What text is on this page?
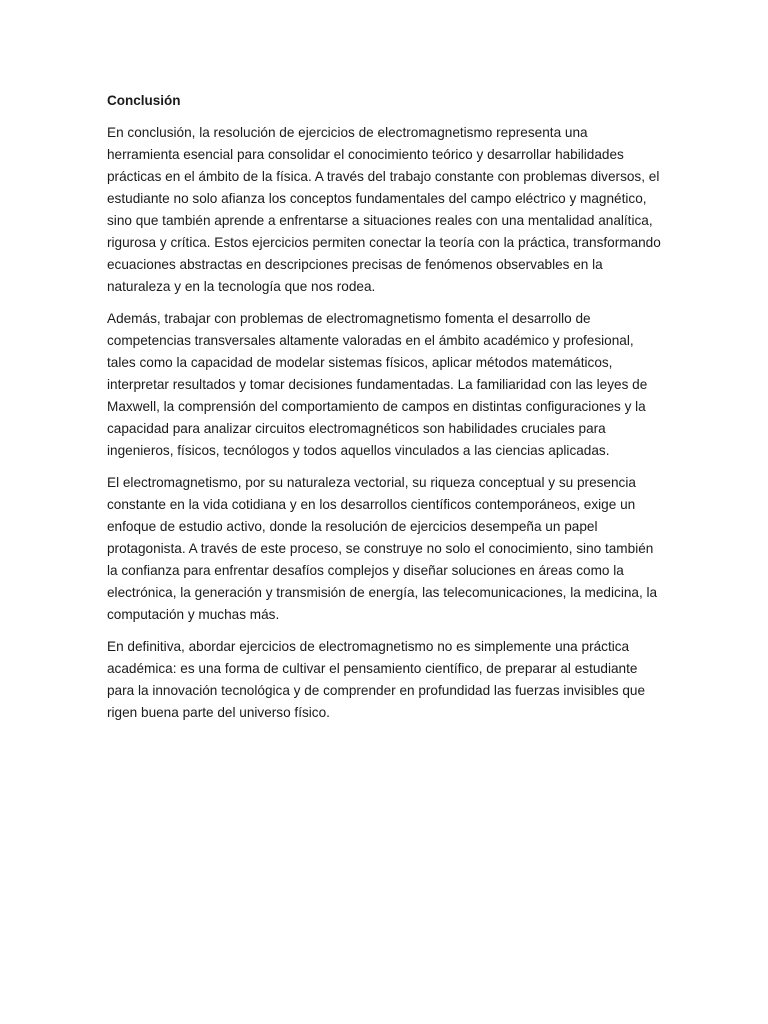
Conclusión

En conclusión, la resolución de ejercicios de electromagnetismo representa una herramienta esencial para consolidar el conocimiento teórico y desarrollar habilidades prácticas en el ámbito de la física. A través del trabajo constante con problemas diversos, el estudiante no solo afianza los conceptos fundamentales del campo eléctrico y magnético, sino que también aprende a enfrentarse a situaciones reales con una mentalidad analítica, rigurosa y crítica. Estos ejercicios permiten conectar la teoría con la práctica, transformando ecuaciones abstractas en descripciones precisas de fenómenos observables en la naturaleza y en la tecnología que nos rodea.

Además, trabajar con problemas de electromagnetismo fomenta el desarrollo de competencias transversales altamente valoradas en el ámbito académico y profesional, tales como la capacidad de modelar sistemas físicos, aplicar métodos matemáticos, interpretar resultados y tomar decisiones fundamentadas. La familiaridad con las leyes de Maxwell, la comprensión del comportamiento de campos en distintas configuraciones y la capacidad para analizar circuitos electromagnéticos son habilidades cruciales para ingenieros, físicos, tecnólogos y todos aquellos vinculados a las ciencias aplicadas.

El electromagnetismo, por su naturaleza vectorial, su riqueza conceptual y su presencia constante en la vida cotidiana y en los desarrollos científicos contemporáneos, exige un enfoque de estudio activo, donde la resolución de ejercicios desempeña un papel protagonista. A través de este proceso, se construye no solo el conocimiento, sino también la confianza para enfrentar desafíos complejos y diseñar soluciones en áreas como la electrónica, la generación y transmisión de energía, las telecomunicaciones, la medicina, la computación y muchas más.

En definitiva, abordar ejercicios de electromagnetismo no es simplemente una práctica académica: es una forma de cultivar el pensamiento científico, de preparar al estudiante para la innovación tecnológica y de comprender en profundidad las fuerzas invisibles que rigen buena parte del universo físico.
